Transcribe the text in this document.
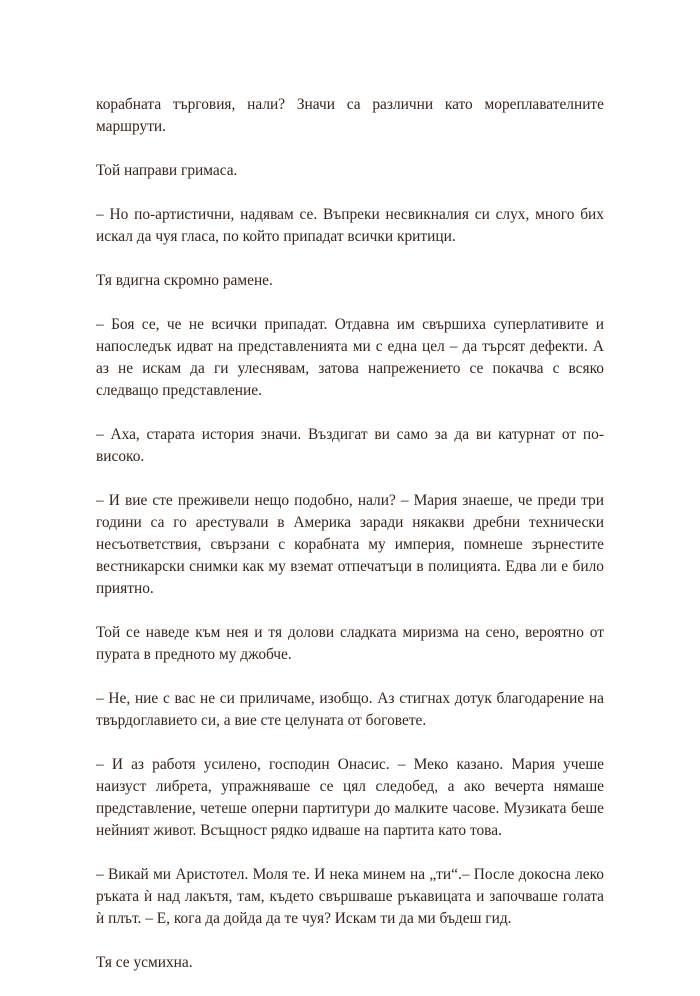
корабната търговия, нали? Значи са различни като мореплавателните маршрути.

Той направи гримаса.

– Но по-артистични, надявам се. Въпреки несвикналия си слух, много бих искал да чуя гласа, по който припадат всички критици.

Тя вдигна скромно рамене.

– Боя се, че не всички припадат. Отдавна им свършиха суперлативите и напоследък идват на представленията ми с една цел – да търсят дефекти. А аз не искам да ги улеснявам, затова напрежението се покачва с всяко следващо представление.

– Аха, старата история значи. Въздигат ви само за да ви катурнат от по-високо.

– И вие сте преживели нещо подобно, нали? – Мария знаеше, че преди три години са го арестували в Америка заради някакви дребни технически несъответствия, свързани с корабната му империя, помнеше зърнестите вестникарски снимки как му вземат отпечатъци в полицията. Едва ли е било приятно.

Той се наведе към нея и тя долови сладката миризма на сено, вероятно от пурата в предното му джобче.

– Не, ние с вас не си приличаме, изобщо. Аз стигнах дотук благодарение на твърдоглавието си, а вие сте целуната от боговете.

– И аз работя усилено, господин Онасис. – Меко казано. Мария учеше наизуст либрета, упражняваше се цял следобед, а ако вечерта нямаше представление, четеше оперни партитури до малките часове. Музиката беше нейният живот. Всъщност рядко идваше на партита като това.

– Викай ми Аристотел. Моля те. И нека минем на „ти“.– После докосна леко ръката ѝ над лакътя, там, където свършваше ръкавицата и започваше голата ѝ плът. – Е, кога да дойда да те чуя? Искам ти да ми бъдеш гид.

Тя се усмихна.
